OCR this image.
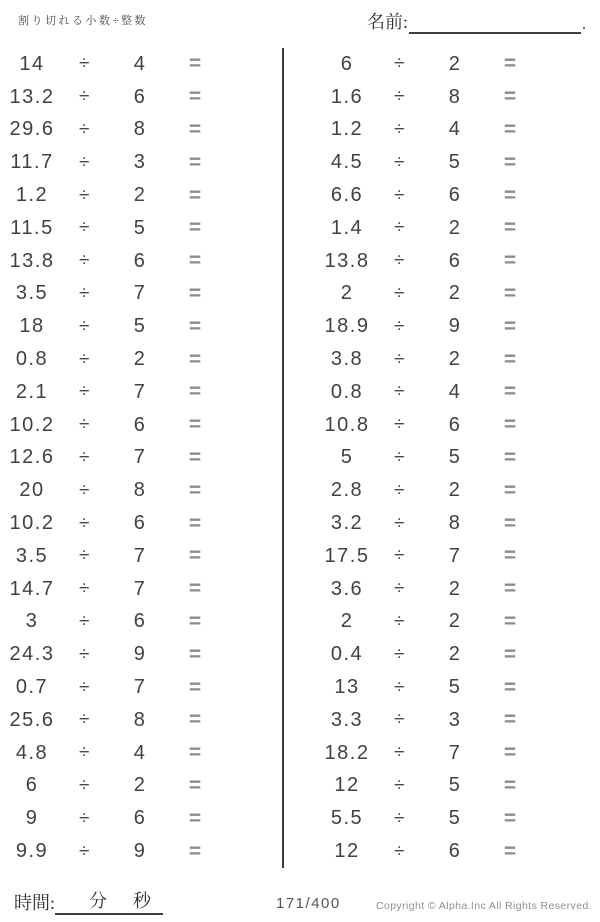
割り切れる小数÷整数	名前:	.
14	÷	4	=
13.2	÷	6	=
29.6	÷	8	=
11.7	÷	3	=
1.2	÷	2	=
11.5	÷	5	=
13.8	÷	6	=
3.5	÷	7	=
18	÷	5	=
0.8	÷	2	=
2.1	÷	7	=
10.2	÷	6	=
12.6	÷	7	=
20	÷	8	=
10.2	÷	6	=
3.5	÷	7	=
14.7	÷	7	=
3	÷	6	=
24.3	÷	9	=
0.7	÷	7	=
25.6	÷	8	=
4.8	÷	4	=
6	÷	2	=
9	÷	6	=
9.9	÷	9	=
6	÷	2	=
1.6	÷	8	=
1.2	÷	4	=
4.5	÷	5	=
6.6	÷	6	=
1.4	÷	2	=
13.8	÷	6	=
2	÷	2	=
18.9	÷	9	=
3.8	÷	2	=
0.8	÷	4	=
10.8	÷	6	=
5	÷	5	=
2.8	÷	2	=
3.2	÷	8	=
17.5	÷	7	=
3.6	÷	2	=
2	÷	2	=
0.4	÷	2	=
13	÷	5	=
3.3	÷	3	=
18.2	÷	7	=
12	÷	5	=
5.5	÷	5	=
12	÷	6	=
時間: 分 秒	171/400	Copyright © Alpha.Inc All Rights Reserved.
